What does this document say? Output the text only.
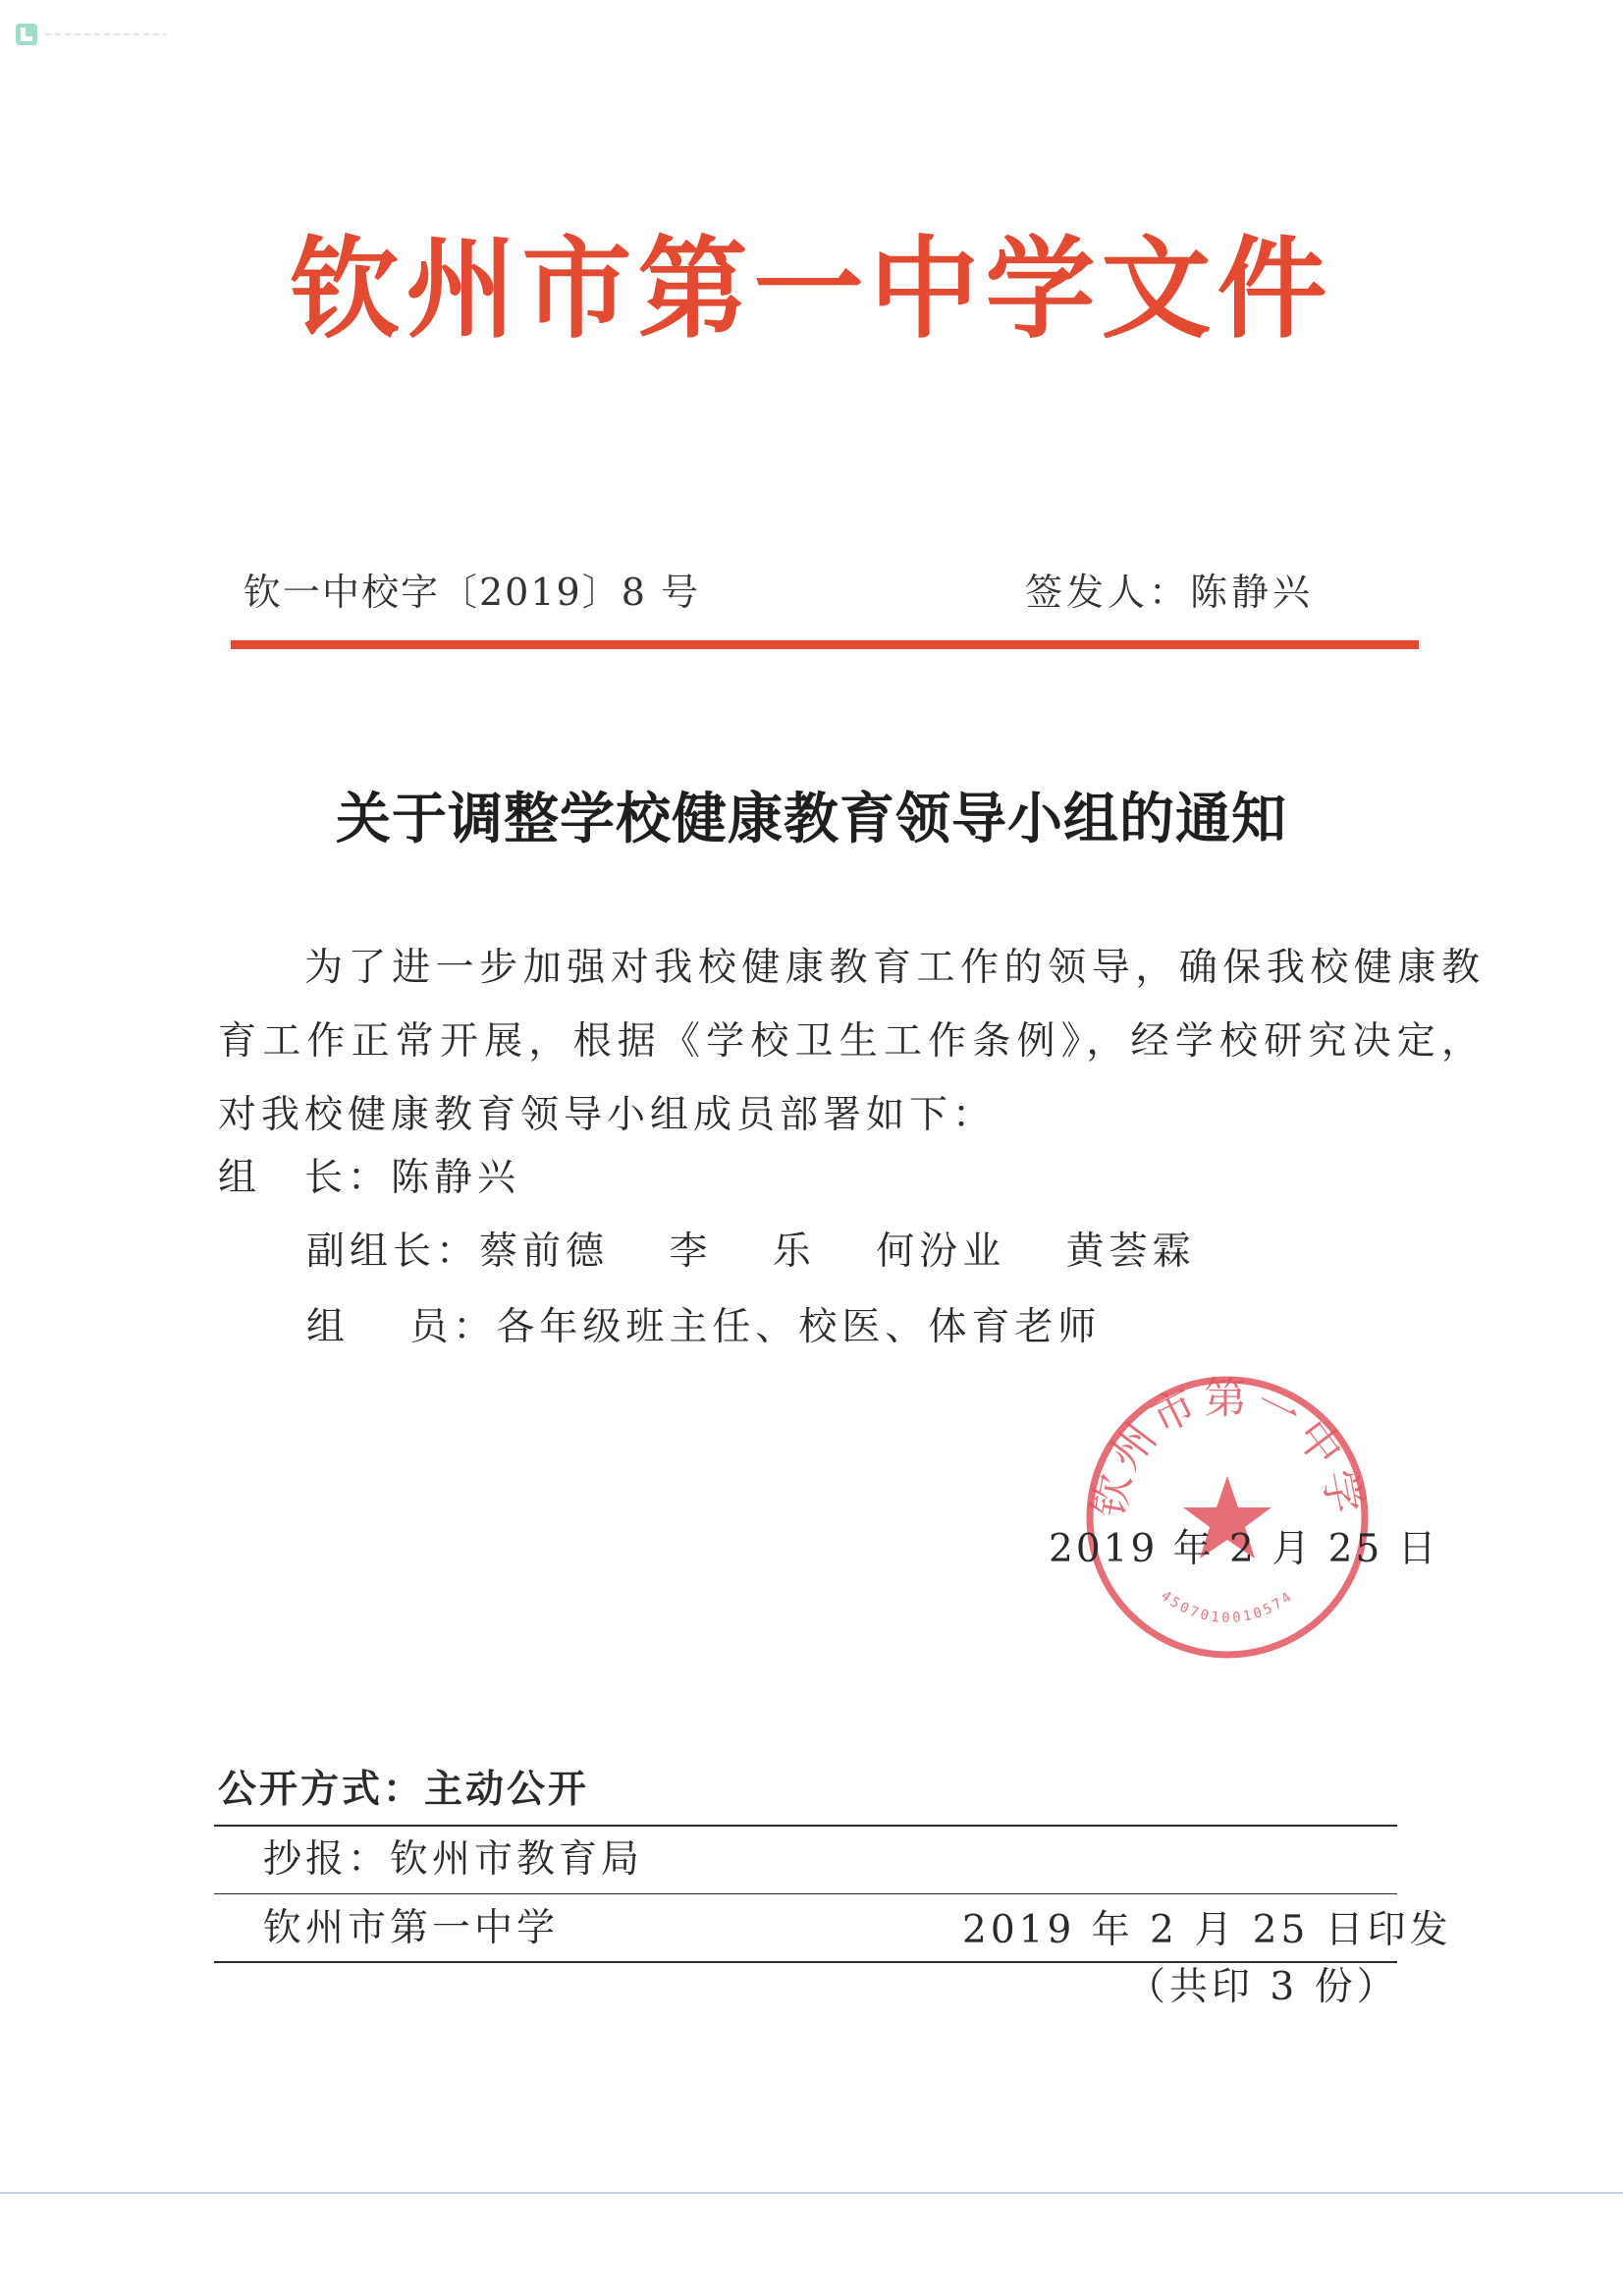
钦州市第一中学文件
钦一中校字〔2019〕8 号	签发人：陈静兴
关于调整学校健康教育领导小组的通知

为了进一步加强对我校健康教育工作的领导，确保我校健康教育工作正常开展，根据《学校卫生工作条例》，经学校研究决定，对我校健康教育领导小组成员部署如下：

组　长：陈静兴
副组长：蔡前德　 李　 乐　 何汾业　 黄荟霖
组　 员：各年级班主任、校医、体育老师
钦州市第一中学
4507010010574
2019 年 2 月 25 日
公开方式：主动公开
抄报：钦州市教育局
钦州市第一中学	2019 年 2 月 25 日印发
（共印 3 份）
